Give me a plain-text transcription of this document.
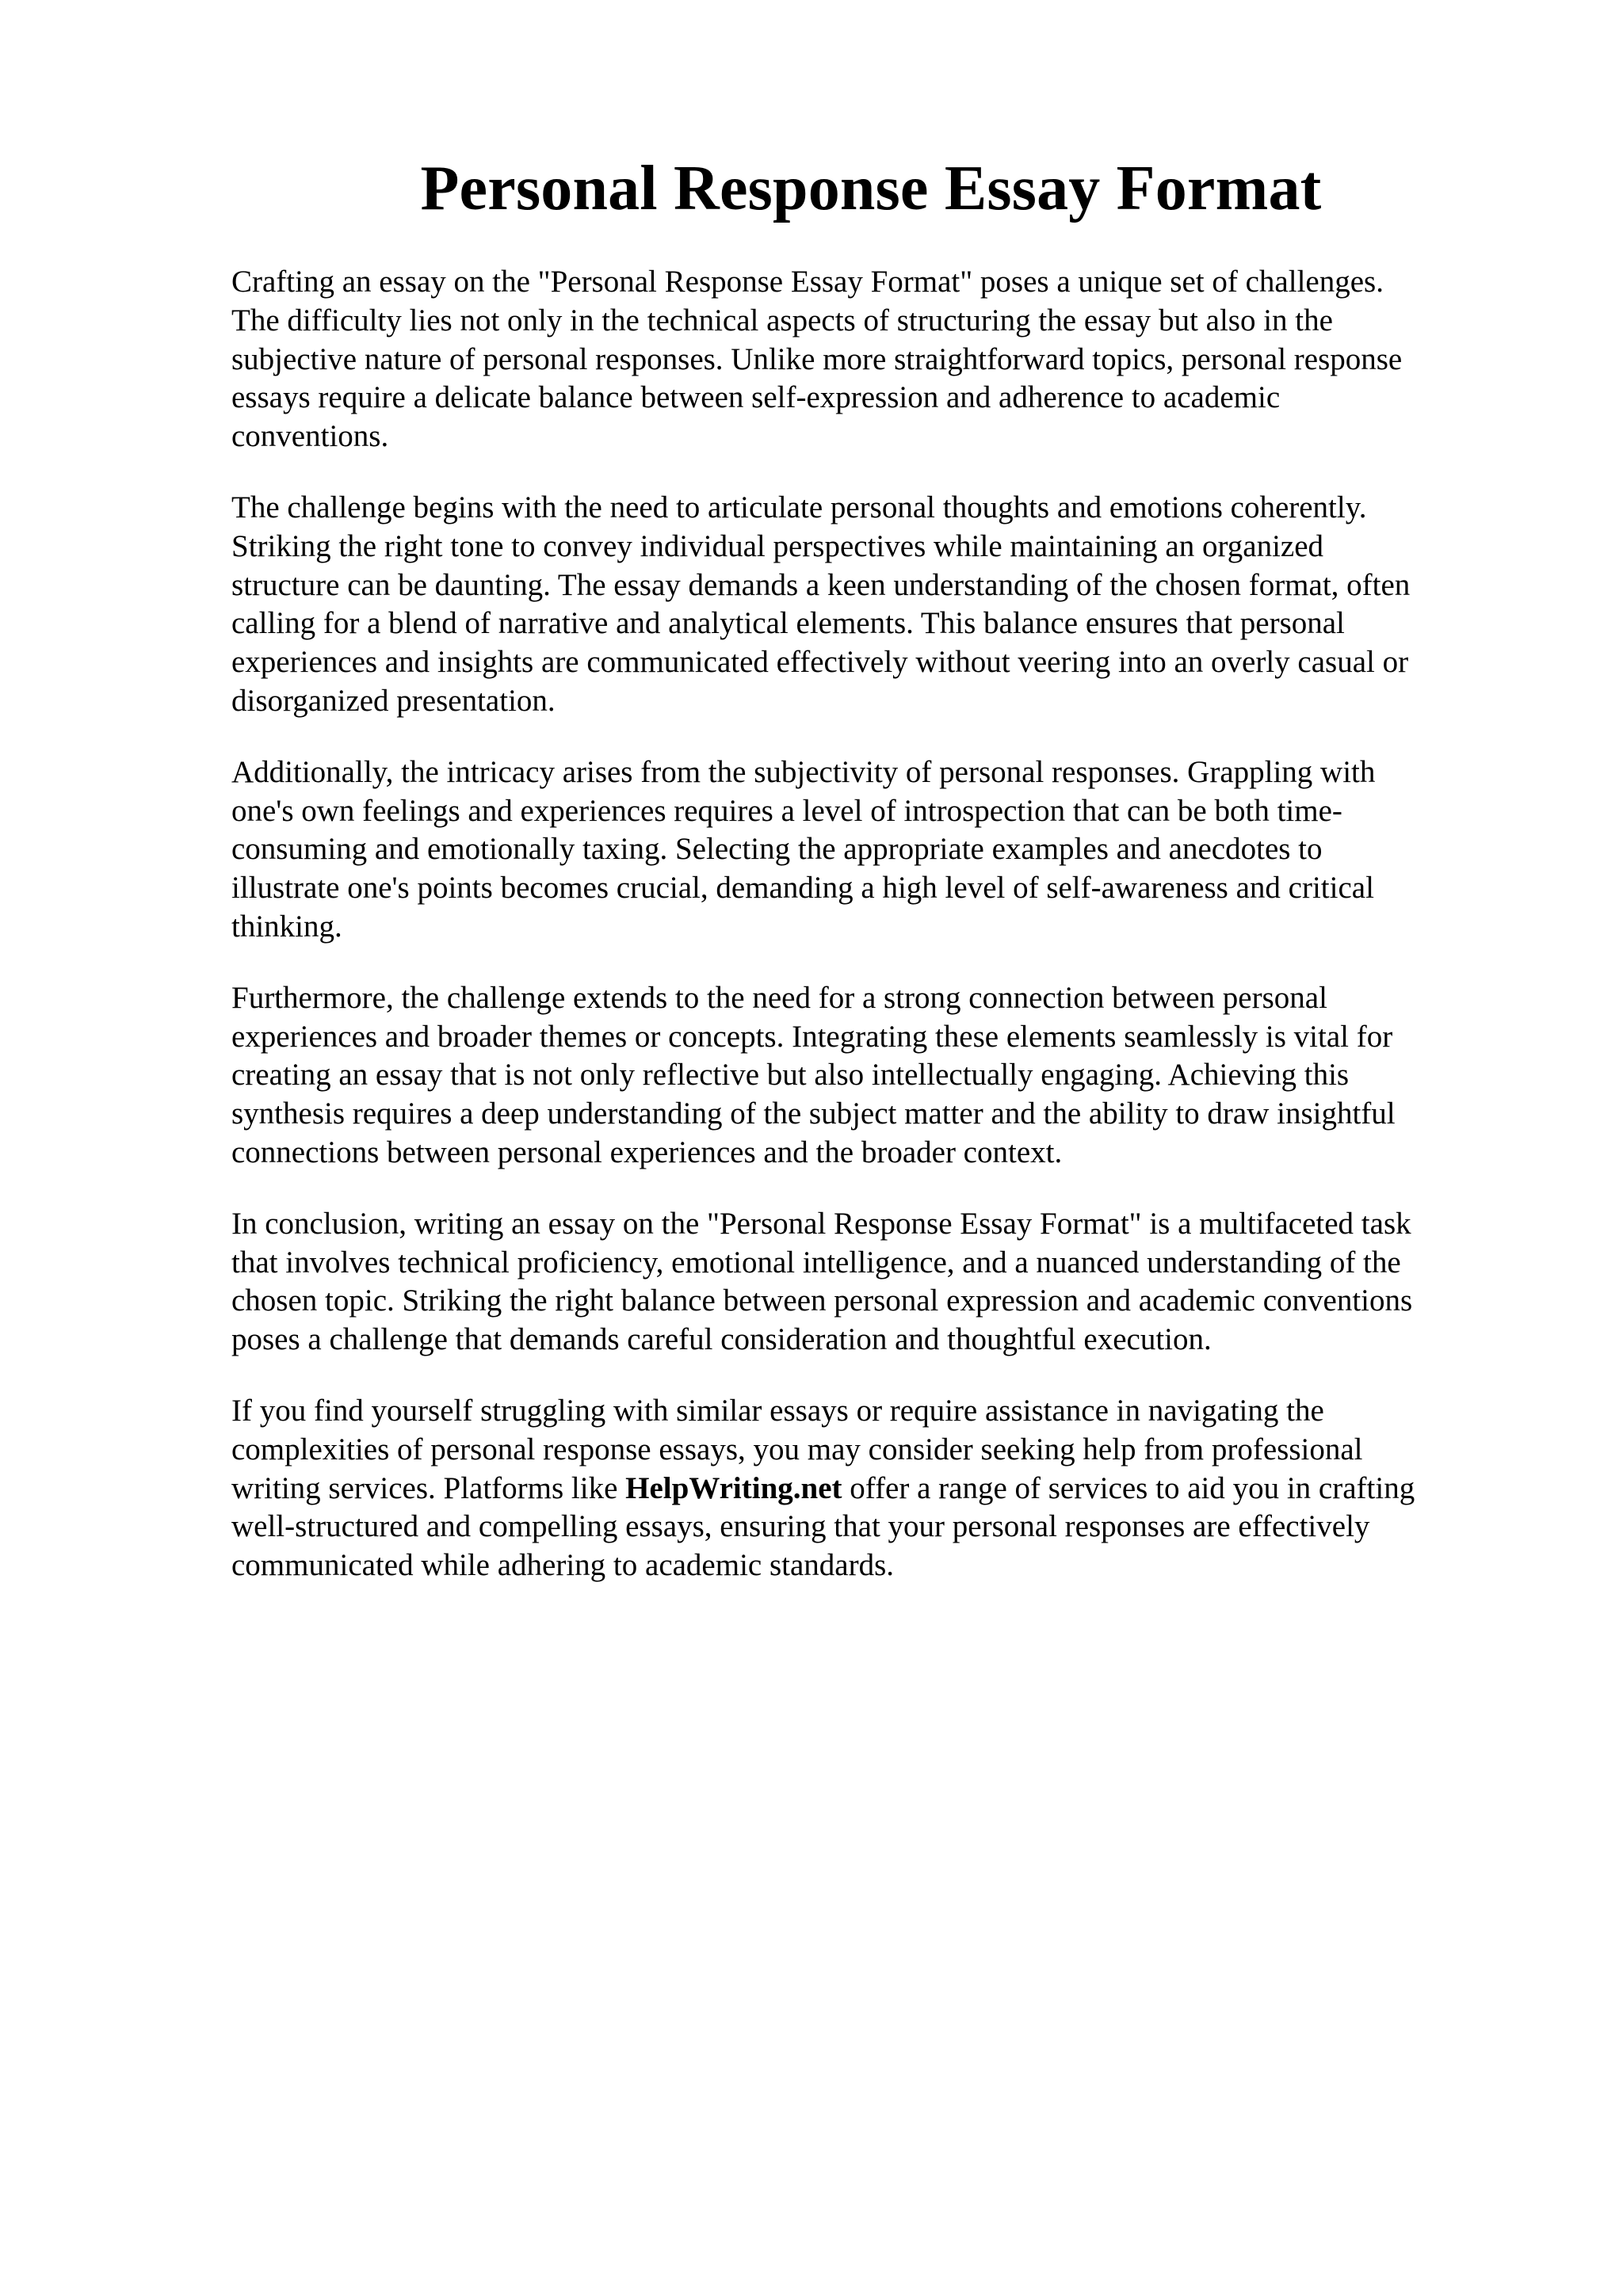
Personal Response Essay Format

Crafting an essay on the "Personal Response Essay Format" poses a unique set of challenges.
The difficulty lies not only in the technical aspects of structuring the essay but also in the
subjective nature of personal responses. Unlike more straightforward topics, personal response
essays require a delicate balance between self-expression and adherence to academic
conventions.

The challenge begins with the need to articulate personal thoughts and emotions coherently.
Striking the right tone to convey individual perspectives while maintaining an organized
structure can be daunting. The essay demands a keen understanding of the chosen format, often
calling for a blend of narrative and analytical elements. This balance ensures that personal
experiences and insights are communicated effectively without veering into an overly casual or
disorganized presentation.

Additionally, the intricacy arises from the subjectivity of personal responses. Grappling with
one's own feelings and experiences requires a level of introspection that can be both time-
consuming and emotionally taxing. Selecting the appropriate examples and anecdotes to
illustrate one's points becomes crucial, demanding a high level of self-awareness and critical
thinking.

Furthermore, the challenge extends to the need for a strong connection between personal
experiences and broader themes or concepts. Integrating these elements seamlessly is vital for
creating an essay that is not only reflective but also intellectually engaging. Achieving this
synthesis requires a deep understanding of the subject matter and the ability to draw insightful
connections between personal experiences and the broader context.

In conclusion, writing an essay on the "Personal Response Essay Format" is a multifaceted task
that involves technical proficiency, emotional intelligence, and a nuanced understanding of the
chosen topic. Striking the right balance between personal expression and academic conventions
poses a challenge that demands careful consideration and thoughtful execution.

If you find yourself struggling with similar essays or require assistance in navigating the
complexities of personal response essays, you may consider seeking help from professional
writing services. Platforms like HelpWriting.net offer a range of services to aid you in crafting
well-structured and compelling essays, ensuring that your personal responses are effectively
communicated while adhering to academic standards.
